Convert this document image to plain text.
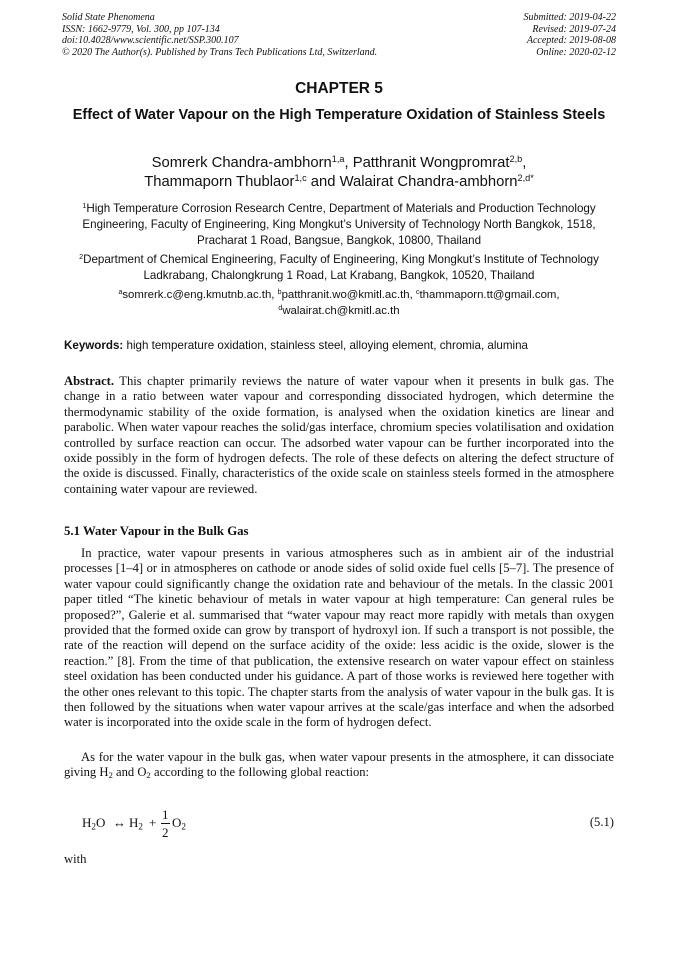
Solid State Phenomena
ISSN: 1662-9779, Vol. 300, pp 107-134
doi:10.4028/www.scientific.net/SSP.300.107
© 2020 The Author(s). Published by Trans Tech Publications Ltd, Switzerland.
Submitted: 2019-04-22
Revised: 2019-07-24
Accepted: 2019-08-08
Online: 2020-02-12
CHAPTER 5
Effect of Water Vapour on the High Temperature Oxidation of Stainless Steels
Somrerk Chandra-ambhorn$^{1,a}$, Patthranit Wongpromrat$^{2,b}$,
Thammaporn Thublaor$^{1,c}$ and Walairat Chandra-ambhorn$^{2,d*}$
$^1$High Temperature Corrosion Research Centre, Department of Materials and Production Technology Engineering, Faculty of Engineering, King Mongkut’s University of Technology North Bangkok, 1518, Pracharat 1 Road, Bangsue, Bangkok, 10800, Thailand
$^2$Department of Chemical Engineering, Faculty of Engineering, King Mongkut’s Institute of Technology Ladkrabang, Chalongkrung 1 Road, Lat Krabang, Bangkok, 10520, Thailand
$^a$somrerk.c@eng.kmutnb.ac.th, $^b$patthranit.wo@kmitl.ac.th, $^c$thammaporn.tt@gmail.com,
$^d$walairat.ch@kmitl.ac.th
Keywords: high temperature oxidation, stainless steel, alloying element, chromia, alumina
Abstract. This chapter primarily reviews the nature of water vapour when it presents in bulk gas. The change in a ratio between water vapour and corresponding dissociated hydrogen, which determine the thermodynamic stability of the oxide formation, is analysed when the oxidation kinetics are linear and parabolic. When water vapour reaches the solid/gas interface, chromium species volatilisation and oxidation controlled by surface reaction can occur. The adsorbed water vapour can be further incorporated into the oxide possibly in the form of hydrogen defects. The role of these defects on altering the defect structure of the oxide is discussed. Finally, characteristics of the oxide scale on stainless steels formed in the atmosphere containing water vapour are reviewed.
5.1 Water Vapour in the Bulk Gas
In practice, water vapour presents in various atmospheres such as in ambient air of the industrial processes [1–4] or in atmospheres on cathode or anode sides of solid oxide fuel cells [5–7]. The presence of water vapour could significantly change the oxidation rate and behaviour of the metals. In the classic 2001 paper titled “The kinetic behaviour of metals in water vapour at high temperature: Can general rules be proposed?”, Galerie et al. summarised that “water vapour may react more rapidly with metals than oxygen provided that the formed oxide can grow by transport of hydroxyl ion. If such a transport is not possible, the rate of the reaction will depend on the surface acidity of the oxide: less acidic is the oxide, slower is the reaction.” [8]. From the time of that publication, the extensive research on water vapour effect on stainless steel oxidation has been conducted under his guidance. A part of those works is reviewed here together with the other ones relevant to this topic. The chapter starts from the analysis of water vapour in the bulk gas. It is then followed by the situations when water vapour arrives at the scale/gas interface and when the adsorbed water is incorporated into the oxide scale in the form of hydrogen defect.
As for the water vapour in the bulk gas, when water vapour presents in the atmosphere, it can dissociate giving $H_2$ and $O_2$ according to the following global reaction:
$H_2O$ ↔ $H_2$ +
1
2
$O_2$	(5.1)
with
